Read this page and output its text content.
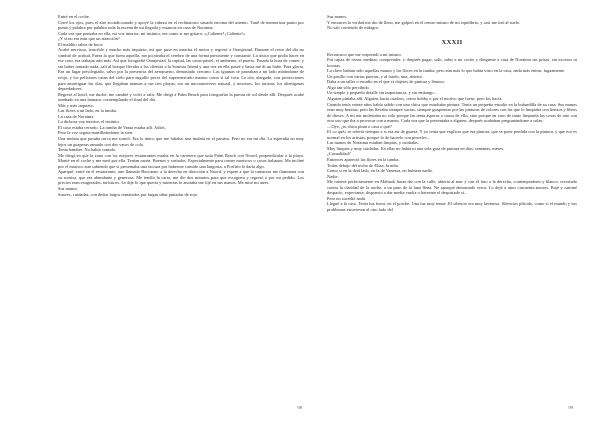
Entré en el coche.

Cerré los ojos, pues el aire acondicionado y apoyé la cabeza en el reclinatorio situado encima del asiento. Traté de memorizar punto por punto y palabra por palabra toda la escena de mi llegada y estancia en casa de Noraima.

Cada vez que pensaba en ella, mi voz interior, mi instinto, era como si me gritara: «¡Caliente! ¡Caliente!»

¿Y si no era más que un atracción?

El maldito sabor de boca.

Acabé nervioso, irascible y mucho más inquieto; así que puse en marcha el motor y regresé a Oranjestad. Durante el resto del día no cambió de actitud. Fuera lo que fuera aquello, me picoteaba el cerebro de una forma persistente y constante. Lo único que podía hacer en ese caso, era trabajar aún más. Así que fotografié Oranjestad, la capital, las casas-pastel, el ambiente, el puerto. Pasada la hora de comer, y sin haber tomado nada, salí al bosque llevaba a los clientes a la Sonesta Island y una vez en ella paseé y hasta me di un baño. Para gloria. Era un lugar privilegiado, salvo por la presencia del aeropuerto, demasiado cercano. Las iguanas se paseaban a mi lado mirándome de reojo, y los pelícanos caían del cielo para engullir peces del supermercado marino como si tal cosa. La isla, alargada, con protecciones para amortiguar las olas, que llegaban mansas a sus tres playas, era un microuniverso natural, y nosotros, los turistas, los alienígenas depredadores.

Regresé al hotel, me duché, me cambié y volví a salir. Me dirigí a Palm Beach para fotografiar la puesta de sol desde allí. Después acabé tumbado en una hamaca, contemplando el final del día.

Más y más inquieto.

Las flores a un lado, en la tumba.

La casa de Noraima.

La dichosa voz interior, el instinto.

El caso estaba cerrado. La tumba de Vania estaba allí. Adiós.

Pero la voz seguía martilleándome la sien.

Una mulata que pasaba cerca me sonrió. Era lo único que me faltaba: una mulata en el paraíso. Pero no era mi día. La esperaba no muy lejos un guaperas armado con dos vasos de cola.

Tenía hambre. No había comido.

Me dirigí en que la zona con los mejores restaurantes estaba en la carretera que unía Palm Beach con Noord, perpendicular a la playa. Monté en el coche y me metí por ella. Tenían razón. Buenos y variados. Especialmente para comer mariscos o cosas italianas. Me incliné por el marisco aun sabiendo que si presentaba una factura por haberme comido una langosta, a Porfirio le daría algo.

Aparqué, entré en el restaurante, uno llamado Buccaner, a la derecha en dirección a Noord, y esperé a que la camarera me iluminara con su sonrisa, que era abundante y generosa. Me tendió la carta, me dio dos minutos para que escogiera y regresó a por mi pedido. Los precios eran exagerados, turísticos. Le dije lo que quería y mientras lo anotaba me fijé en sus manos. Me miré mi aires.

Sus manos.

Suaves, cuidadas, con dedos largos rematados por largas uñas pintadas de rojo.

98

Sus manos.

Y entonces la verdad me dio de lleno, me golpeó en el centro mismo de mi equilibrio, y casi me tiró al suelo.

No sali corriendo de milagro.

XXXII

Reconozco que me sorprendí a mí mismo.

Fui capaz de cenar, meditar, comprender, y después pagar, salir, subir a mi coche y dirigirme a casa de Noraima sin prisas, sin excesos ni locuras.

La clave habían sido aquellas manos y las flores en la tumba, pero aún más lo que había visto en la casa, nada más entrar, fugazmente.

Un pasillo con varias puertas, y al fondo, una, abierta.

Daba a un taller o estudio en el que vi objetos de pintura y lienzos.

Algo tan sólo percibido.

Un simple y pequeño detalle sin importancia, y sin embargo...

Alguien pintaba allí. Alguien hacía cuadros, como hobby o por el motivo que fuese, pero los hacía.

Cuando tenía veinte años había salido con una chica que estudiaba pintura. Tenía un pequeño estudio en la buhardilla de su casa. Sus manos eran muy bonitas, pero las llevaba siempre sucias, siempre guapeteras por las pinturas de colores con las que lo limpiaba con lienzos y libros de dioses. A mí me molestaba no sólo porque las tenía ásperas a causa de ello, sino porque en caso de tanto limpiarla las cosas de arte con otro uso que iba a provocar con a manos. Cada vez que la presentaba a alguien, después acababan preguntándome a solas:

—Oye, ¿tu chica pinta o casa o qué?

El «o qué» se refería siempre a si era así de guarra. Y yo tenía que explicar que era pintora, que se pone perdida con la pintura, y que eso es normal en los artistas, porque lo de hacerlo con pinceles...

Las manos de Noraima estaban limpias, y cuidadas.

Muy limpias y muy cuidadas. En ellas no había ni una sola gota de pintura en días, semanas, meses.

¿Casualidad?

Entonces apareció las flores en la tumba.

Todas debajo del nicho de Eliza, la niña.

Como si en la deal lado, en la de Vanessa, no hubiera nadie.

Nadie.

Me oriente perfectamente en Malmok hasta dar con la calle, abierta al mar y con el faro a la derecha, contemporáneo y blanco, recortado contra la claridad de la noche, a un paso de la luna llena. Ne aparqué demasiado cerca. Lo dejé a unos cincuenta metros. Bajé y caminé despacio, expectante, dispuesto a dar media vuelta o hacerme el despistado si...

Pero no sucedió nada.

Llegué a la casa. Tenía luz fuera, en el porche. Una luz muy tenue. El silencio era muy hermoso. Silencios plácido, como si el mundo y sus problemas estuviesen al otro lado del

99
